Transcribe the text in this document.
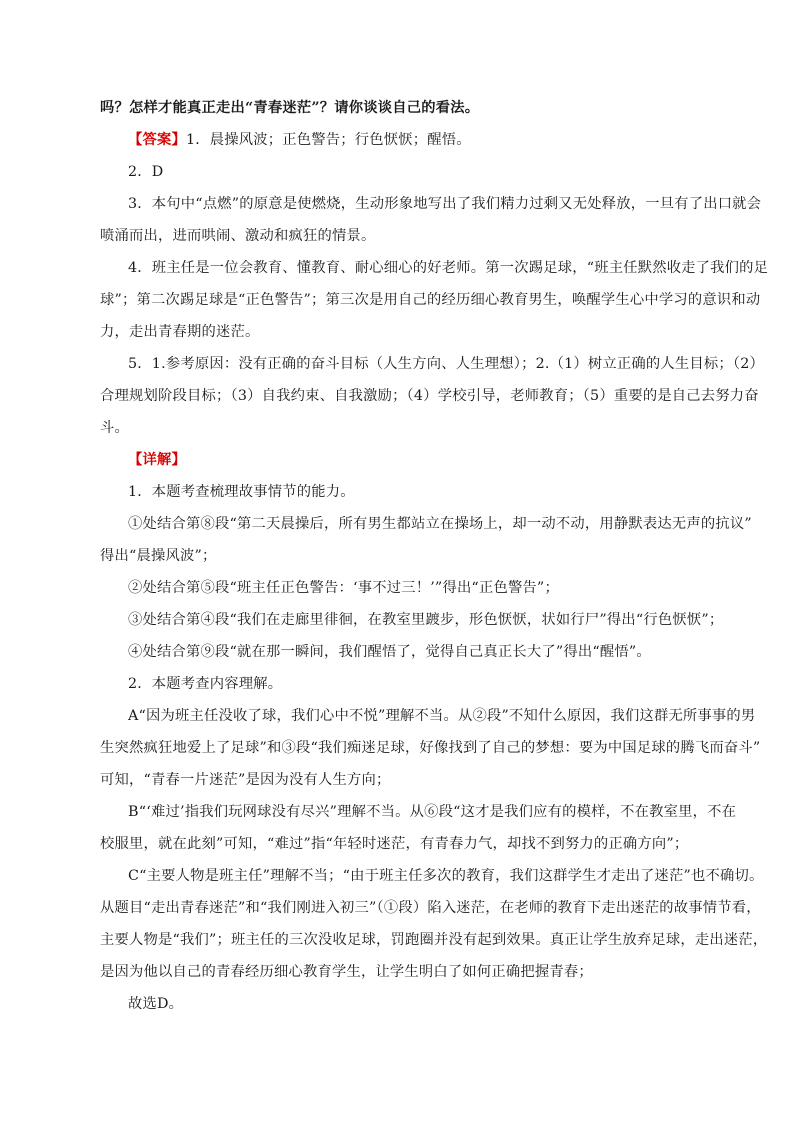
吗？怎样才能真正走出“青春迷茫”？请你谈谈自己的看法。

【答案】1．晨操风波；正色警告；行色恹恹；醒悟。

2．D

3．本句中“点燃”的原意是使燃烧，生动形象地写出了我们精力过剩又无处释放，一旦有了出口就会

喷涌而出，进而哄闹、激动和疯狂的情景。

4．班主任是一位会教育、懂教育、耐心细心的好老师。第一次踢足球，“班主任默然收走了我们的足

球”；第二次踢足球是“正色警告”；第三次是用自己的经历细心教育男生，唤醒学生心中学习的意识和动

力，走出青春期的迷茫。

5．1.参考原因：没有正确的奋斗目标（人生方向、人生理想）；2.（1）树立正确的人生目标；（2）

合理规划阶段目标；（3）自我约束、自我激励；（4）学校引导，老师教育；（5）重要的是自己去努力奋

斗。

【详解】

1．本题考查梳理故事情节的能力。

①处结合第⑧段“第二天晨操后，所有男生都站立在操场上，却一动不动，用静默表达无声的抗议”

得出“晨操风波”；

②处结合第⑤段“班主任正色警告：‘事不过三！’”得出“正色警告”；

③处结合第④段“我们在走廊里徘徊，在教室里踱步，形色恹恹，状如行尸”得出“行色恹恹”；

④处结合第⑨段“就在那一瞬间，我们醒悟了，觉得自己真正长大了”得出“醒悟”。

2．本题考查内容理解。

A“因为班主任没收了球，我们心中不悦”理解不当。从②段”不知什么原因，我们这群无所事事的男

生突然疯狂地爱上了足球”和③段“我们痴迷足球，好像找到了自己的梦想：要为中国足球的腾飞而奋斗”

可知，“青春一片迷茫”是因为没有人生方向；

B“‘难过’指我们玩网球没有尽兴”理解不当。从⑥段“这才是我们应有的模样，不在教室里，不在

校服里，就在此刻”可知，“难过”指“年轻时迷茫，有青春力气，却找不到努力的正确方向”；

C“主要人物是班主任”理解不当；“由于班主任多次的教育，我们这群学生才走出了迷茫”也不确切。

从题目“走出青春迷茫”和“我们刚进入初三”（①段）陷入迷茫，在老师的教育下走出迷茫的故事情节看，

主要人物是“我们”；班主任的三次没收足球，罚跑圈并没有起到效果。真正让学生放弃足球，走出迷茫，

是因为他以自己的青春经历细心教育学生，让学生明白了如何正确把握青春；

故选D。
